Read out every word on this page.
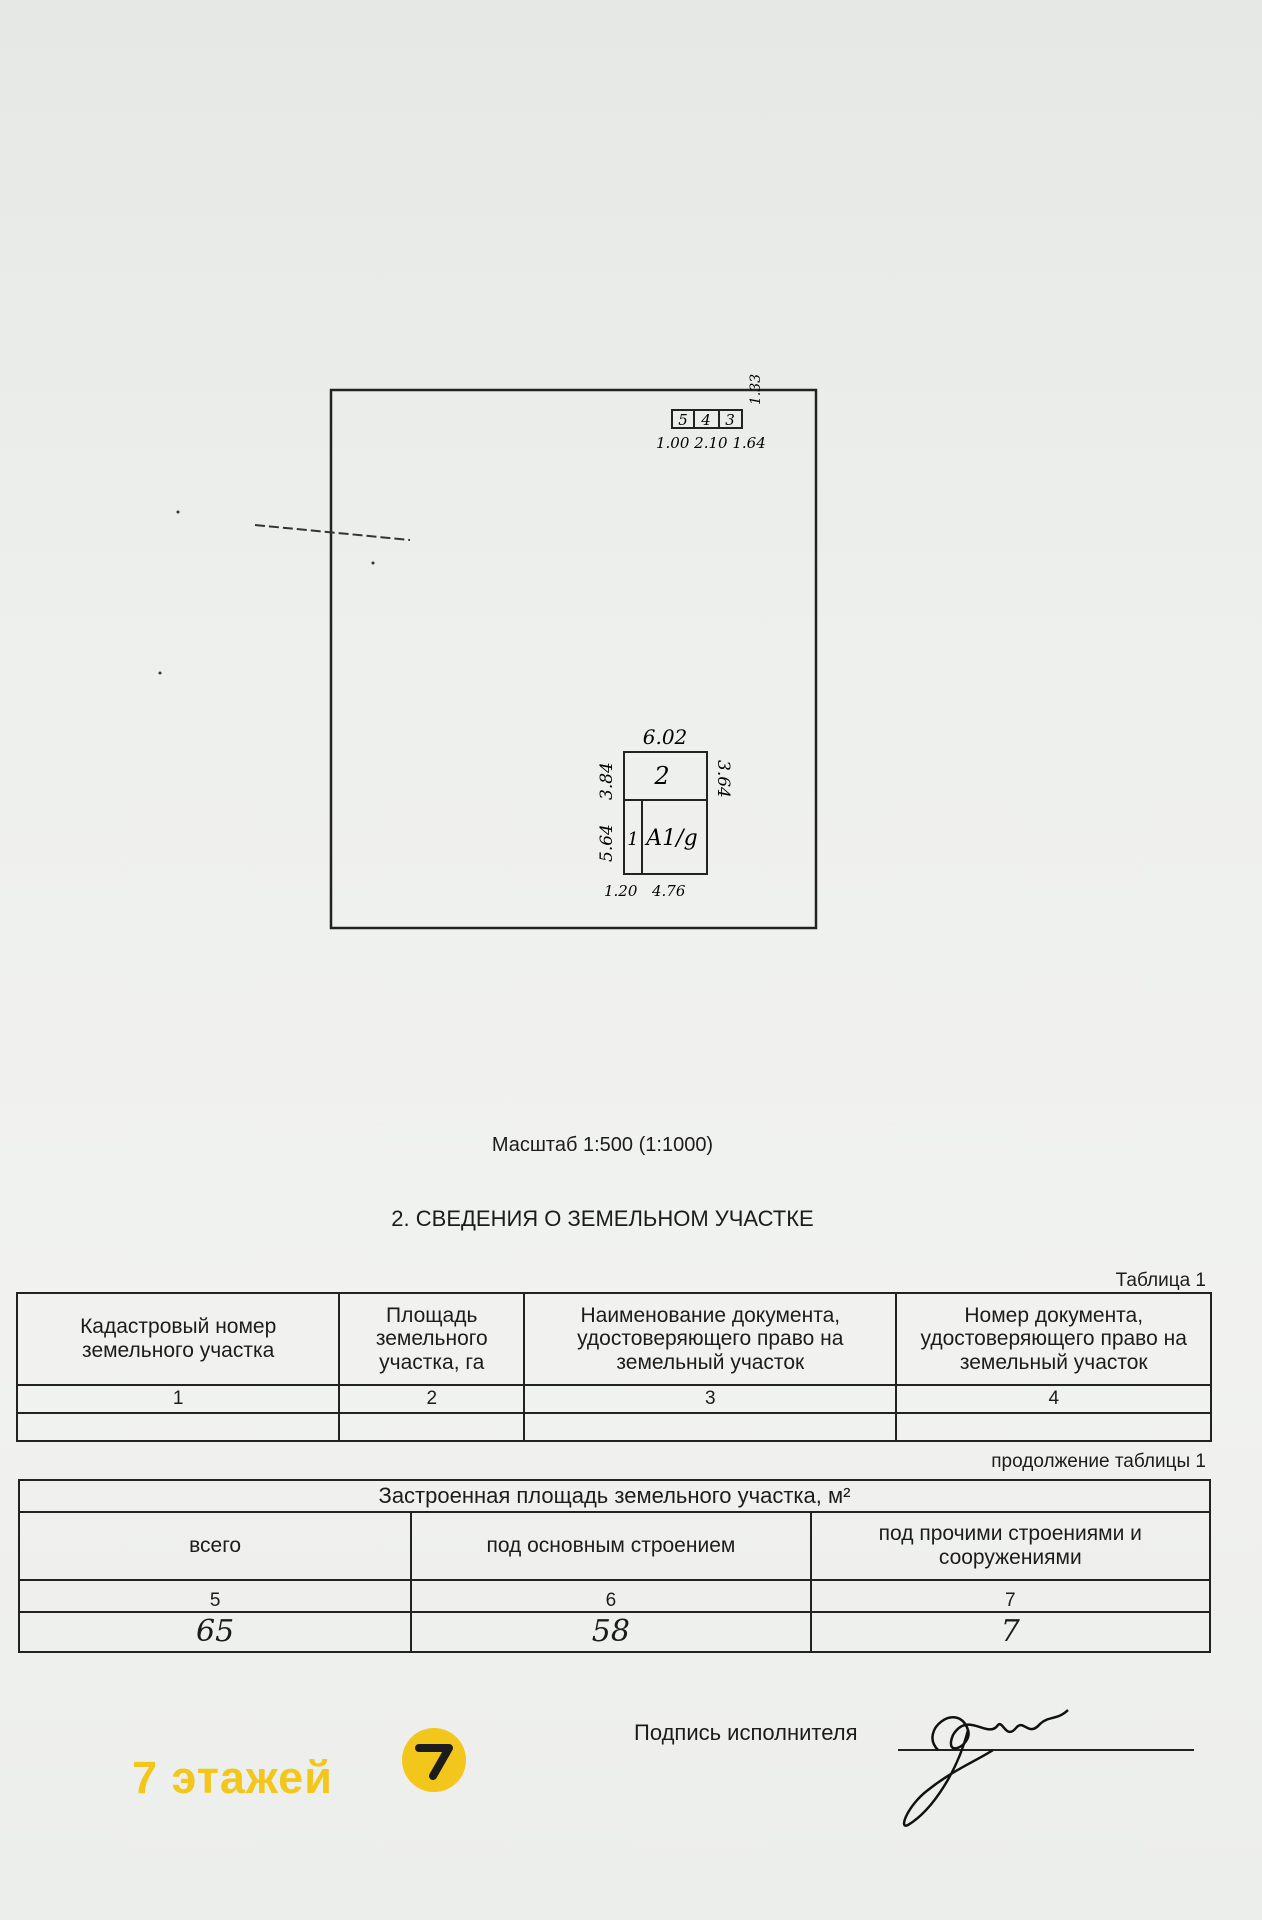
5 4 3
1.33
1.00 2.10 1.64
6.02
2
3.84	3.64
5.64 1 A1/g
1.20 4.76
Масштаб 1:500 (1:1000)
2. СВЕДЕНИЯ О ЗЕМЕЛЬНОМ УЧАСТКЕ
Таблица 1
Кадастровый номер земельного участка	Площадь земельного участка, га	Наименование документа, удостоверяющего право на земельный участок	Номер документа, удостоверяющего право на земельный участок
1	2	3	4

продолжение таблицы 1
Застроенная площадь земельного участка, м²		
всего	под основным строением	под прочими строениями и сооружениями
5	6	7
65	58	7
Подпись исполнителя
7 этажей
